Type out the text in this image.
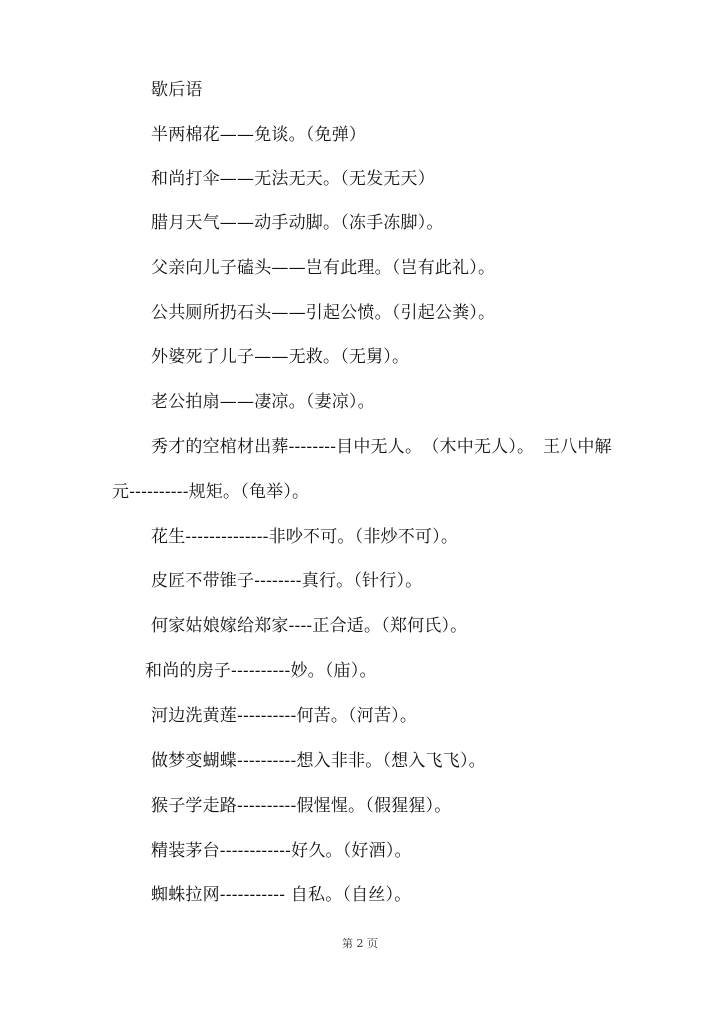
歇后语
半两棉花——免谈。（免弹）
和尚打伞——无法无天。（无发无天）
腊月天气——动手动脚。（冻手冻脚）。
父亲向儿子磕头——岂有此理。（岂有此礼）。
公共厕所扔石头——引起公愤。（引起公粪）。
外婆死了儿子——无救。（无舅）。
老公拍扇——凄凉。（妻凉）。
秀才的空棺材出葬--------目中无人。　（木中无人）。　王八中解
元----------规矩。（龟举）。
花生--------------非吵不可。（非炒不可）。
皮匠不带锥子--------真行。（针行）。
何家姑娘嫁给郑家----正合适。（郑何氏）。
和尚的房子----------妙。（庙）。
河边洗黄莲----------何苦。（河苦）。
做梦变蝴蝶----------想入非非。（想入飞飞）。
猴子学走路----------假惺惺。（假猩猩）。
精装茅台------------好久。（好酒）。
蜘蛛拉网----------- 自私。（自丝）。
第 2 页
